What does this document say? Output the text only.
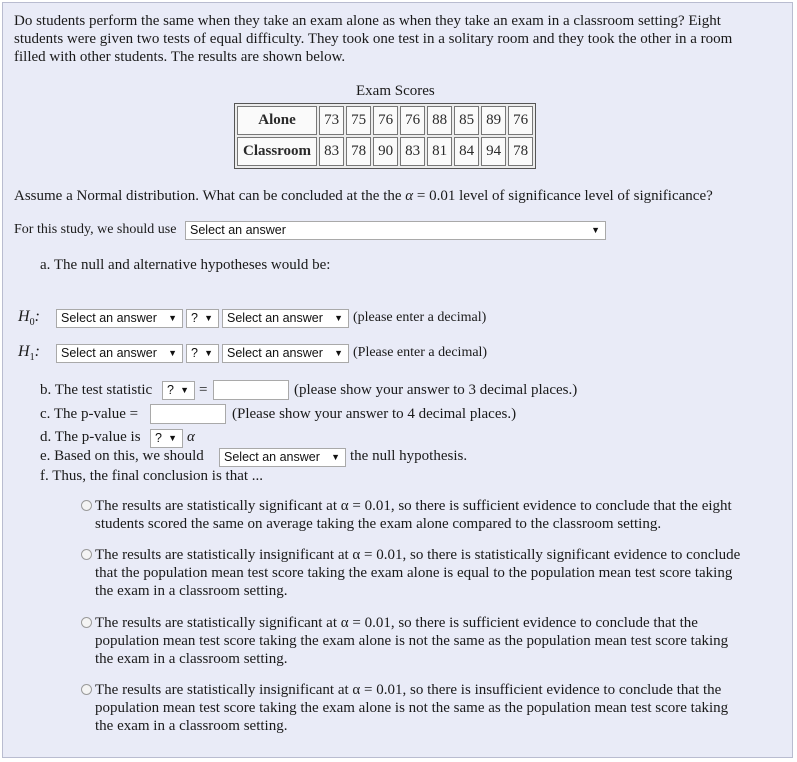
Do students perform the same when they take an exam alone as when they take an exam in a classroom setting? Eight
students were given two tests of equal difficulty. They took one test in a solitary room and they took the other in a room
filled with other students. The results are shown below.
Exam Scores
Alone	73	75	76	76	88	85	89	76
Classroom	83	78	90	83	81	84	94	78
Assume a Normal distribution. What can be concluded at the the α = 0.01 level of significance level of significance?
For this study, we should use	Select an answer	▼
a. The null and alternative hypotheses would be:
$H_0$:	Select an answer ▼	? ▼	Select an answer ▼ (please enter a decimal)
$H_1$:	Select an answer ▼	? ▼	Select an answer ▼ (Please enter a decimal)
b. The test statistic	? ▼ =	(please show your answer to 3 decimal places.)
c. The p-value =	(Please show your answer to 4 decimal places.)
d. The p-value is	? ▼ α
e. Based on this, we should	Select an answer ▼ the null hypothesis.
f. Thus, the final conclusion is that ...
The results are statistically significant at α = 0.01, so there is sufficient evidence to conclude that the eight
students scored the same on average taking the exam alone compared to the classroom setting.
The results are statistically insignificant at α = 0.01, so there is statistically significant evidence to conclude
that the population mean test score taking the exam alone is equal to the population mean test score taking
the exam in a classroom setting.
The results are statistically significant at α = 0.01, so there is sufficient evidence to conclude that the
population mean test score taking the exam alone is not the same as the population mean test score taking
the exam in a classroom setting.
The results are statistically insignificant at α = 0.01, so there is insufficient evidence to conclude that the
population mean test score taking the exam alone is not the same as the population mean test score taking
the exam in a classroom setting.
